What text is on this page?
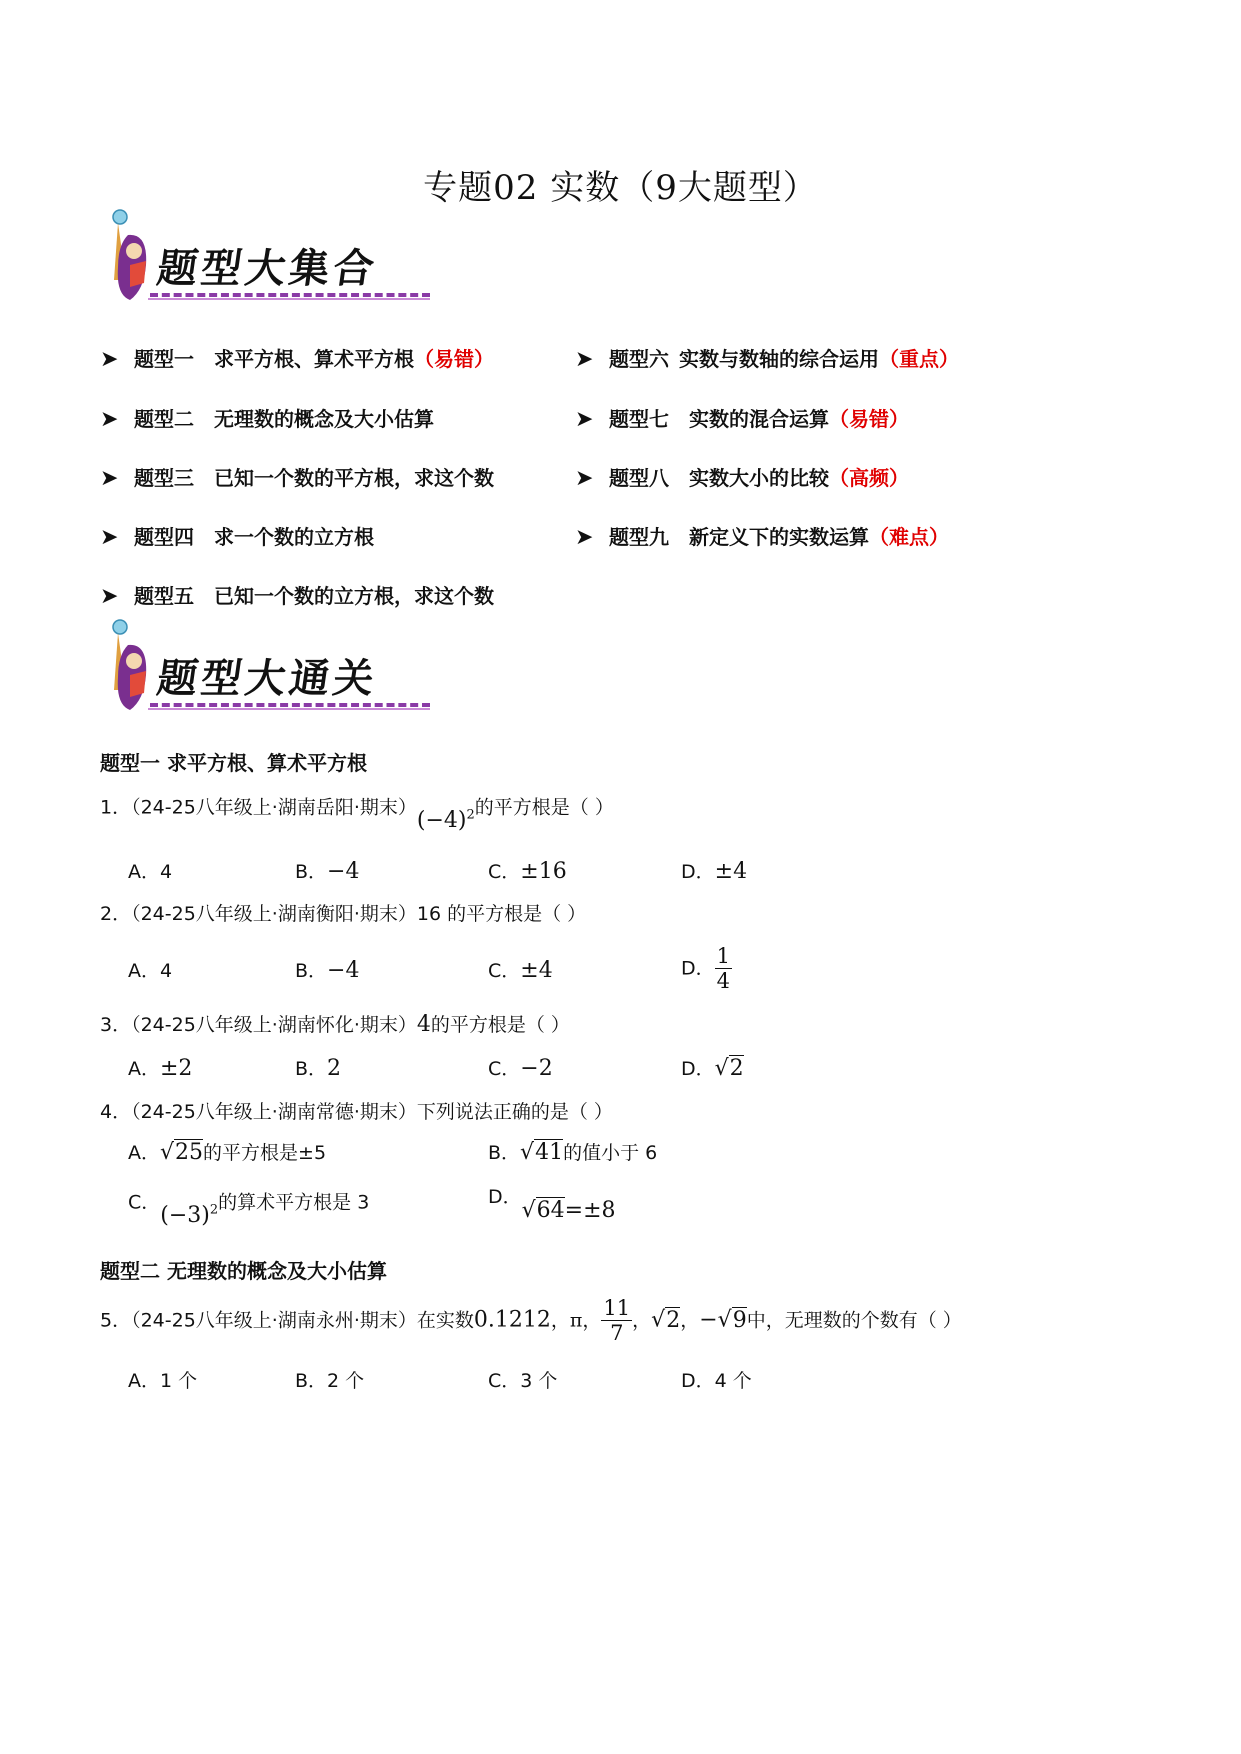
专题02 实数（9大题型）
题型大集合
➤ 题型一 求平方根、算术平方根（易错）
➤ 题型二 无理数的概念及大小估算
➤ 题型三 已知一个数的平方根，求这个数
➤ 题型四 求一个数的立方根
➤ 题型五 已知一个数的立方根，求这个数
➤ 题型六 实数与数轴的综合运用（重点）
➤ 题型七 实数的混合运算（易错）
➤ 题型八 实数大小的比较（高频）
➤ 题型九 新定义下的实数运算（难点）
题型大通关
题型一 求平方根、算术平方根
1．（24-25八年级上·湖南岳阳·期末）$(-4)^2$的平方根是（ ）
A．4	B．−4	C．±16	D．±4
2．（24-25八年级上·湖南衡阳·期末）16 的平方根是（ ）
A．4	B．−4	C．±4	D． $\frac{1}{4}$
3．（24-25八年级上·湖南怀化·期末）4的平方根是（ ）
A．±2	B．2	C．−2	D．√2
4．（24-25八年级上·湖南常德·期末）下列说法正确的是（ ）
A．√25的平方根是±5	B．√41的值小于 6
C．$(-3)^2$的算术平方根是 3	D．√64=±8
题型二 无理数的概念及大小估算
5．（24-25八年级上·湖南永州·期末）在实数0.1212，π， $\frac{11}{7}$ ，√2，−√9中，无理数的个数有（ ）
A．1 个	B．2 个	C．3 个	D．4 个
